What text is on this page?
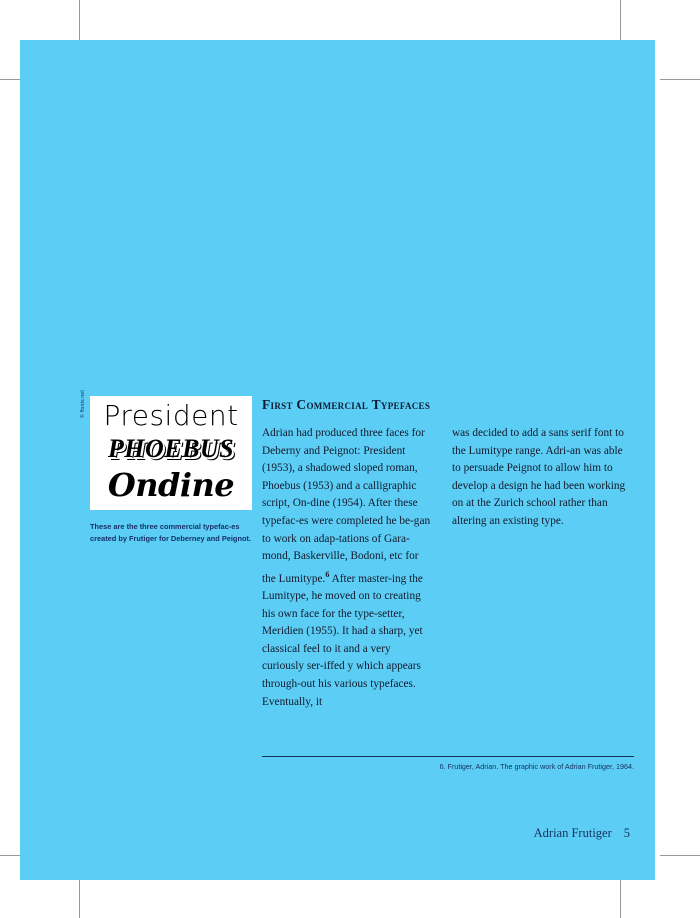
© ffonts.net President
PHOEBUS
Ondine
These are the three commercial typefac-es created by Frutiger for Deberney and Peignot.
First Commercial Typefaces

Adrian had produced three faces for Deberny and Peignot: President (1953), a shadowed sloped roman, Phoebus (1953) and a calligraphic script, On-dine (1954). After these typefac-es were completed he be-gan to work on adap-tations of Gara-mond, Baskerville, Bodoni, etc for the Lumitype.$^6$ After master-ing the Lumitype, he moved on to creating his own face for the type-setter, Meridien (1955). It had a sharp, yet classical feel to it and a very curiously ser-iffed y which appears through-out his various typefaces. Eventually, it

was decided to add a sans serif font to the Lumitype range. Adri-an was able to persuade Peignot to allow him to develop a design he had been working on at the Zurich school rather than altering an existing type.

6. Frutiger, Adrian. The graphic work of Adrian Frutiger, 1964.
Adrian Frutiger 5
